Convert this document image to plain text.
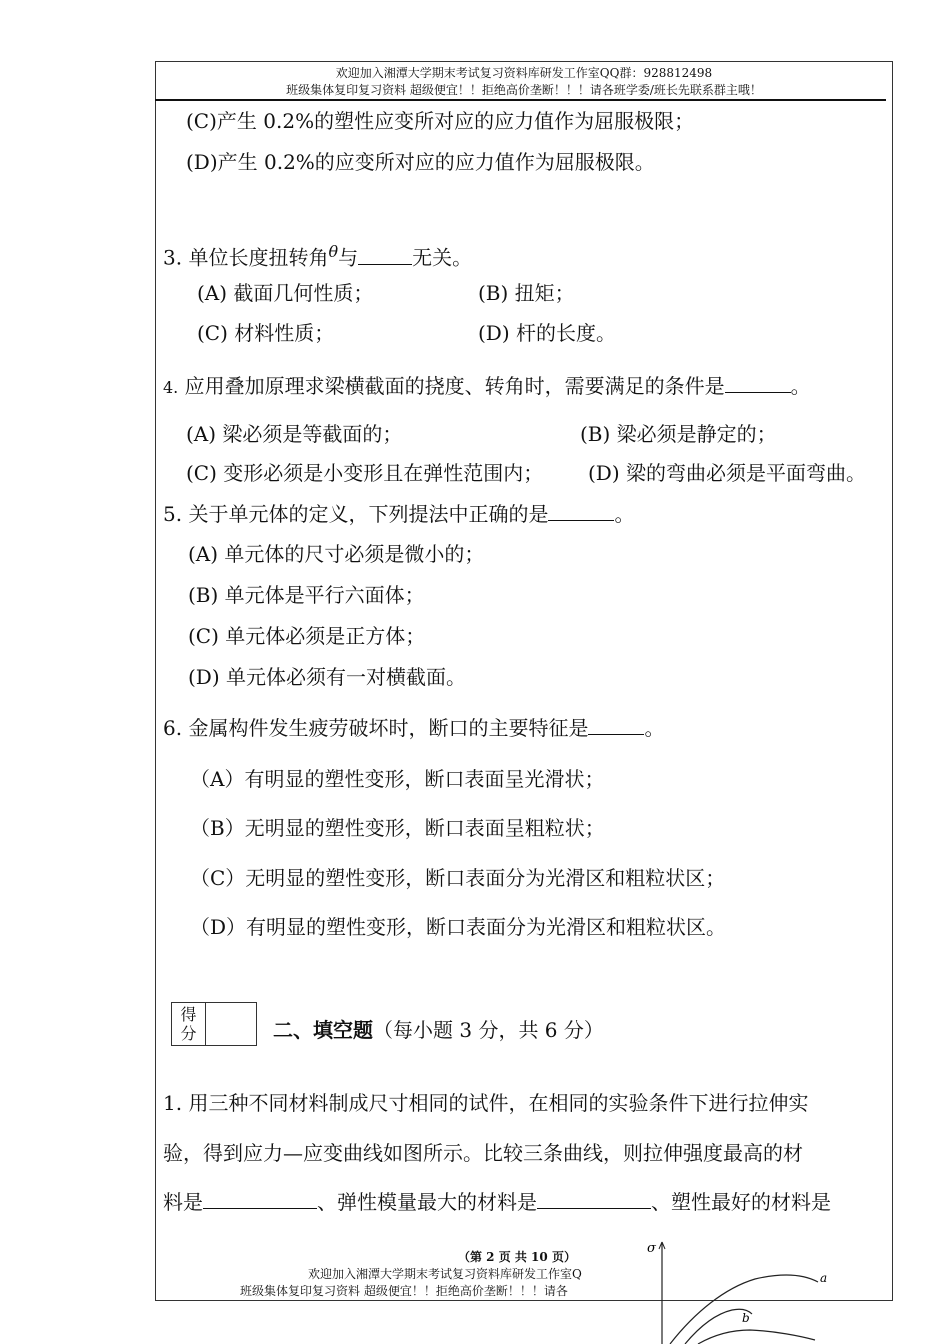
欢迎加入湘潭大学期末考试复习资料库研发工作室QQ群：928812498
班级集体复印复习资料 超级便宜！！拒绝高价垄断！！！请各班学委/班长先联系群主哦！
(C)产生 0.2%的塑性应变所对应的应力值作为屈服极限；
(D)产生 0.2%的应变所对应的应力值作为屈服极限。
3. 单位长度扭转角$^\theta$与	无关。
(A) 截面几何性质；	(B) 扭矩；
(C) 材料性质；	(D) 杆的长度。
4. 应用叠加原理求梁横截面的挠度、转角时，需要满足的条件是	。
(A) 梁必须是等截面的；	(B) 梁必须是静定的；
(C) 变形必须是小变形且在弹性范围内； (D) 梁的弯曲必须是平面弯曲。
5. 关于单元体的定义，下列提法中正确的是	。
(A) 单元体的尺寸必须是微小的；
(B) 单元体是平行六面体；
(C) 单元体必须是正方体；
(D) 单元体必须有一对横截面。
6. 金属构件发生疲劳破坏时，断口的主要特征是	。
（A）有明显的塑性变形，断口表面呈光滑状；
（B）无明显的塑性变形，断口表面呈粗粒状；
（C）无明显的塑性变形，断口表面分为光滑区和粗粒状区；
（D）有明显的塑性变形，断口表面分为光滑区和粗粒状区。
得
分	二、填空题（每小题 3 分，共 6 分）
1. 用三种不同材料制成尺寸相同的试件，在相同的实验条件下进行拉伸实
验，得到应力—应变曲线如图所示。比较三条曲线，则拉伸强度最高的材
料是	、弹性模量最大的材料是	、塑性最好的材料是
（第 2 页 共 10 页）
欢迎加入湘潭大学期末考试复习资料库研发工作室Q
班级集体复印复习资料 超级便宜！！拒绝高价垄断！！！请各
σ
a
b
